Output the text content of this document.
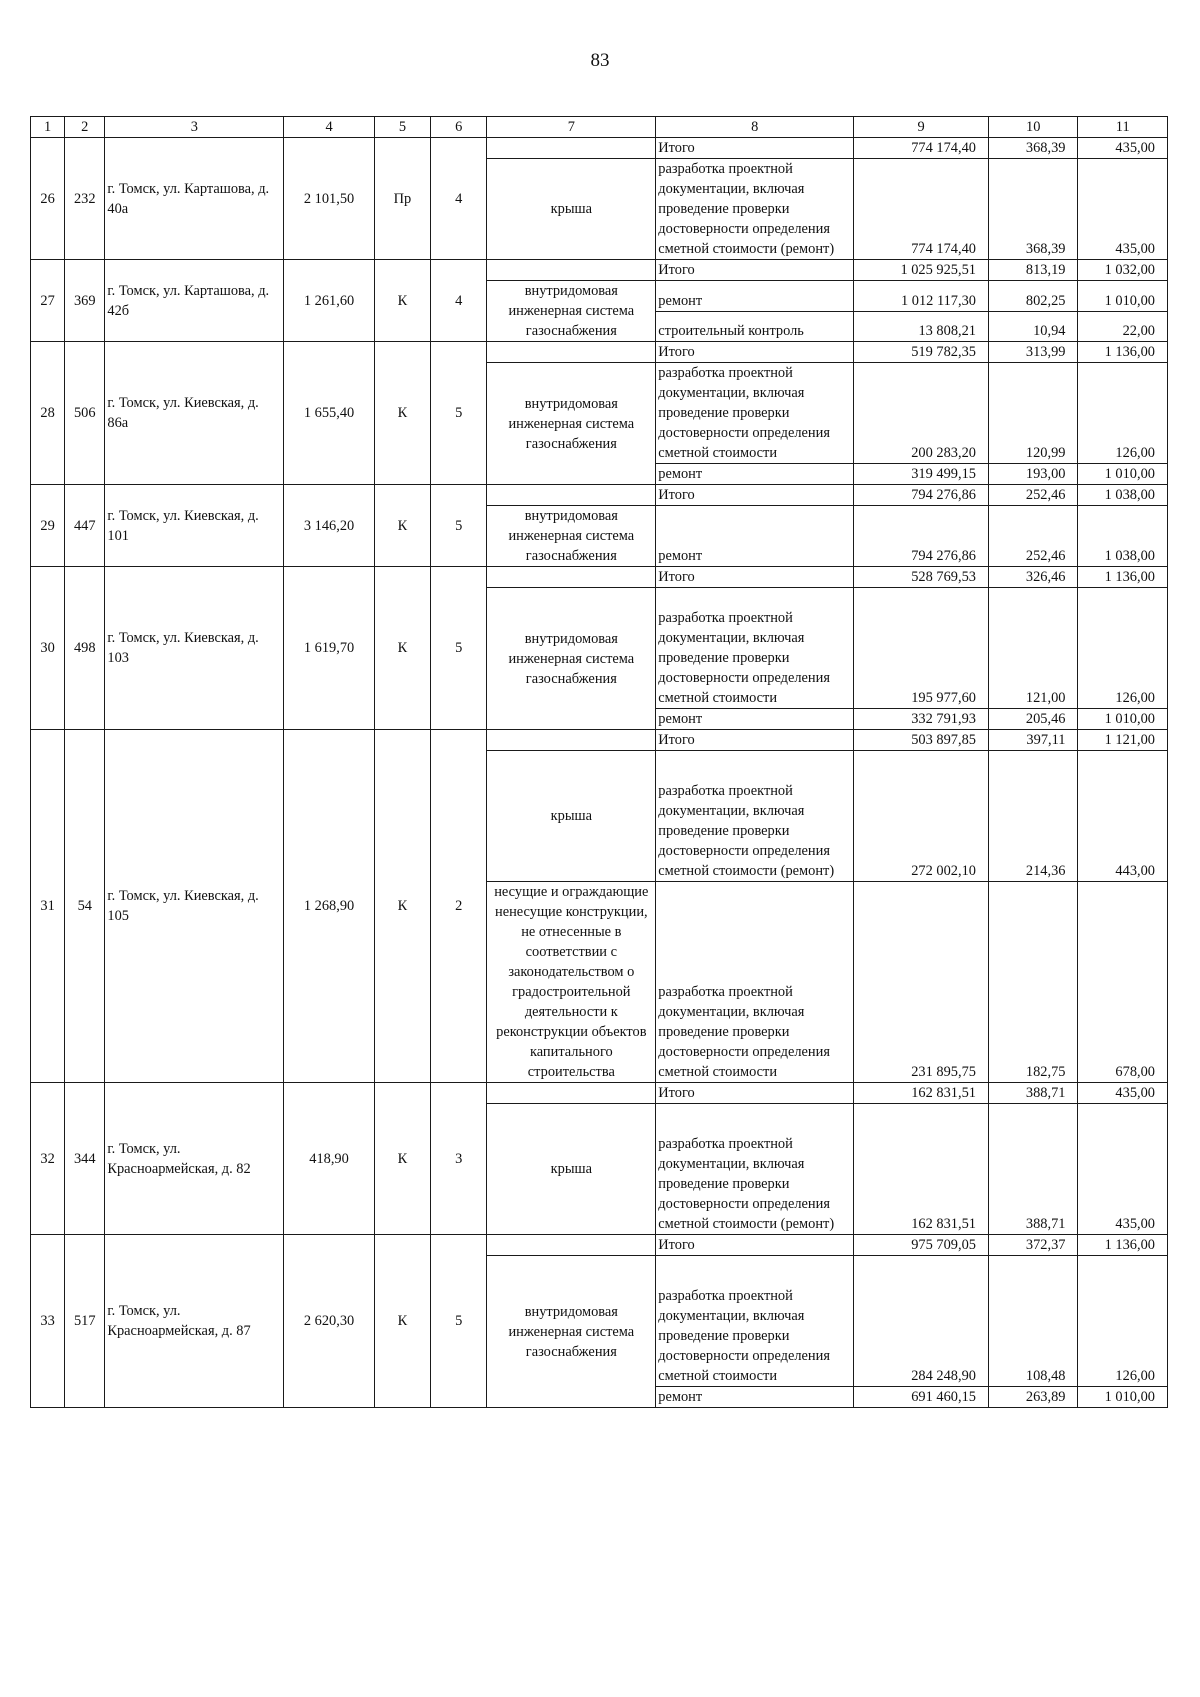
83
1	2	3	4	5	6	7	8	9	10	11
26	232	г. Томск, ул. Карташова, д. 40а	2 101,50	Пр	4		Итого	774 174,40	368,39	435,00
						крыша	разработка проектной документации, включая проведение проверки достоверности определения сметной стоимости (ремонт)	774 174,40	368,39	435,00
27	369	г. Томск, ул. Карташова, д. 42б	1 261,60	К	4		Итого	1 025 925,51	813,19	1 032,00
						внутридомовая инженерная система газоснабжения	ремонт	1 012 117,30	802,25	1 010,00
							строительный контроль	13 808,21	10,94	22,00
28	506	г. Томск, ул. Киевская, д. 86а	1 655,40	К	5		Итого	519 782,35	313,99	1 136,00
						внутридомовая инженерная система газоснабжения	разработка проектной документации, включая проведение проверки достоверности определения сметной стоимости	200 283,20	120,99	126,00
							ремонт	319 499,15	193,00	1 010,00
29	447	г. Томск, ул. Киевская, д. 101	3 146,20	К	5		Итого	794 276,86	252,46	1 038,00
						внутридомовая инженерная система газоснабжения	ремонт	794 276,86	252,46	1 038,00
30	498	г. Томск, ул. Киевская, д. 103	1 619,70	К	5		Итого	528 769,53	326,46	1 136,00
						внутридомовая инженерная система газоснабжения	разработка проектной документации, включая проведение проверки достоверности определения сметной стоимости	195 977,60	121,00	126,00
							ремонт	332 791,93	205,46	1 010,00
31	54	г. Томск, ул. Киевская, д. 105	1 268,90	К	2		Итого	503 897,85	397,11	1 121,00
						крыша	разработка проектной документации, включая проведение проверки достоверности определения сметной стоимости (ремонт)	272 002,10	214,36	443,00
						несущие и ограждающие ненесущие конструкции, не отнесенные в соответствии с законодательством о градостроительной деятельности к реконструкции объектов капитального строительства	разработка проектной документации, включая проведение проверки достоверности определения сметной стоимости	231 895,75	182,75	678,00
32	344	г. Томск, ул. Красноармейская, д. 82	418,90	К	3		Итого	162 831,51	388,71	435,00
						крыша	разработка проектной документации, включая проведение проверки достоверности определения сметной стоимости (ремонт)	162 831,51	388,71	435,00
33	517	г. Томск, ул. Красноармейская, д. 87	2 620,30	К	5		Итого	975 709,05	372,37	1 136,00
						внутридомовая инженерная система газоснабжения	разработка проектной документации, включая проведение проверки достоверности определения сметной стоимости	284 248,90	108,48	126,00
							ремонт	691 460,15	263,89	1 010,00
